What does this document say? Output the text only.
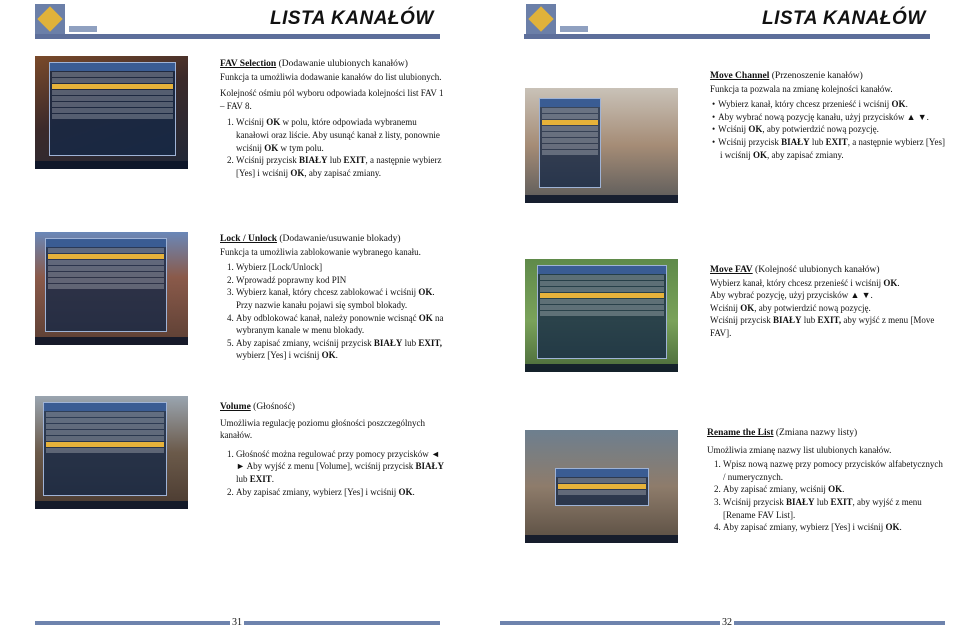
LISTA KANAŁÓW

FAV Selection (Dodawanie ulubionych kanałów)

Funkcja ta umożliwia dodawanie kanałów do list ulubionych.

Kolejność ośmiu pól wyboru odpowiada kolejności list FAV 1 – FAV 8.

1. Wciśnij OK w polu, które odpowiada wybranemu kanałowi oraz liście. Aby usunąć kanał z listy, ponownie wciśnij OK w tym polu.
2. Wciśnij przycisk BIAŁY lub EXIT, a następnie wybierz [Yes] i wciśnij OK, aby zapisać zmiany.

Lock / Unlock (Dodawanie/usuwanie blokady)

Funkcja ta umożliwia zablokowanie wybranego kanału.

1. Wybierz [Lock/Unlock]
2. Wprowadź poprawny kod PIN
3. Wybierz kanał, który chcesz zablokować i wciśnij OK. Przy nazwie kanału pojawi się symbol blokady.
4. Aby odblokować kanał, należy ponownie wcisnąć OK na wybranym kanale w menu blokady.
5. Aby zapisać zmiany, wciśnij przycisk BIAŁY lub EXIT, wybierz [Yes] i wciśnij OK.

Volume (Głośność)

Umożliwia regulację poziomu głośności poszczególnych kanałów.

1. Głośność można regulować przy pomocy przycisków ◄ ► Aby wyjść z menu [Volume], wciśnij przycisk BIAŁY lub EXIT.
2. Aby zapisać zmiany, wybierz [Yes] i wciśnij OK.
31
LISTA KANAŁÓW

Move Channel (Przenoszenie kanałów)

Funkcja ta pozwala na zmianę kolejności kanałów.

• Wybierz kanał, który chcesz przenieść i wciśnij OK.
• Aby wybrać nową pozycję kanału, użyj przycisków ▲ ▼.
• Wciśnij OK, aby potwierdzić nową pozycję.
• Wciśnij przycisk BIAŁY lub EXIT, a następnie wybierz [Yes] i wciśnij OK, aby zapisać zmiany.

Move FAV (Kolejność ulubionych kanałów)

Wybierz kanał, który chcesz przenieść i wciśnij OK.

Aby wybrać pozycję, użyj przycisków ▲ ▼.

Wciśnij OK, aby potwierdzić nową pozycję.

Wciśnij przycisk BIAŁY lub EXIT, aby wyjść z menu [Move FAV].

Rename the List (Zmiana nazwy listy)

Umożliwia zmianę nazwy list ulubionych kanałów.

1. Wpisz nową nazwę przy pomocy przycisków alfabetycznych / numerycznych.
2. Aby zapisać zmiany, wciśnij OK.
3. Wciśnij przycisk BIAŁY lub EXIT, aby wyjść z menu [Rename FAV List].
4. Aby zapisać zmiany, wybierz [Yes] i wciśnij OK.
32
